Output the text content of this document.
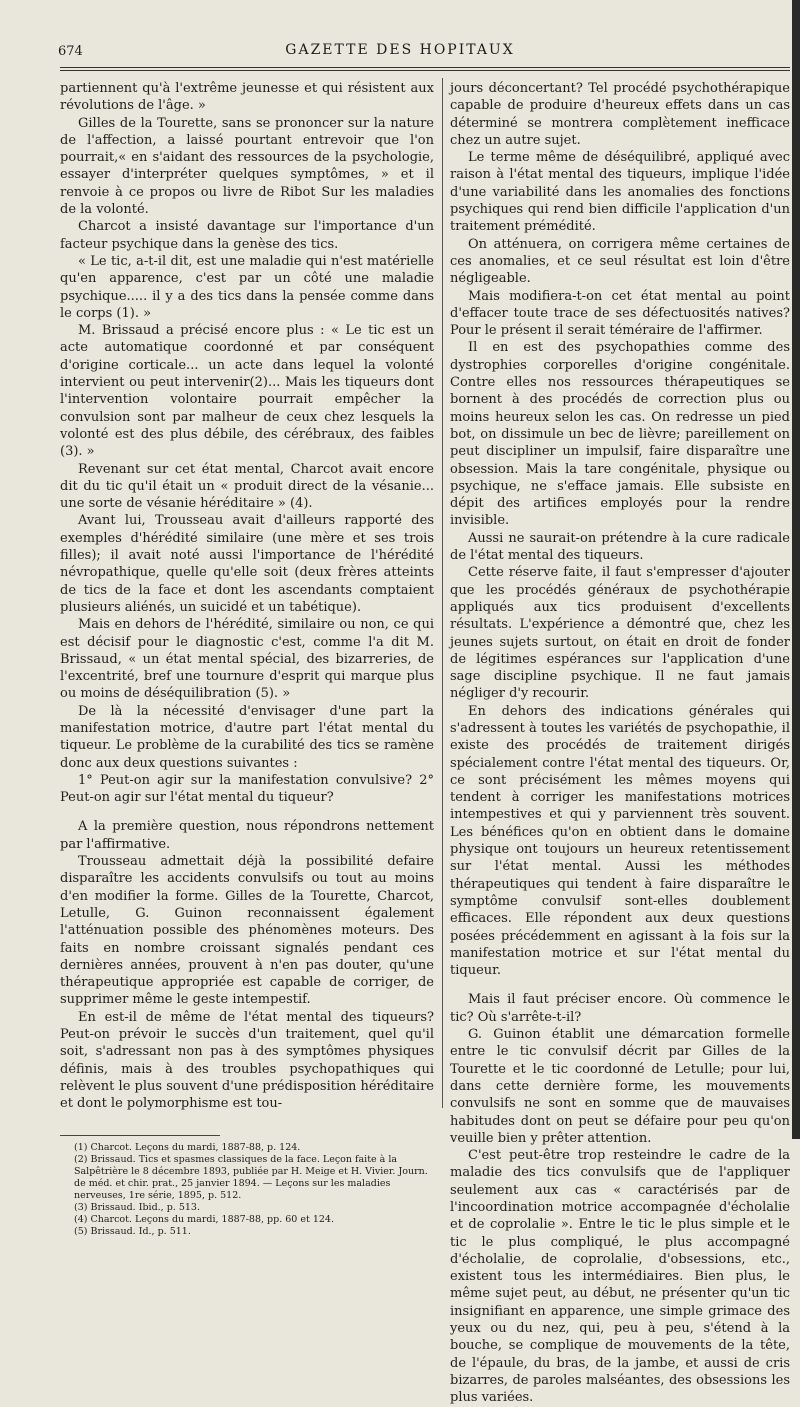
674	GAZETTE DES HOPITAUX

partiennent qu'à l'extrême jeunesse et qui résistent aux révolutions de l'âge. »

Gilles de la Tourette, sans se prononcer sur la nature de l'affection, a laissé pourtant entrevoir que l'on pourrait,« en s'aidant des ressources de la psychologie, essayer d'interpréter quelques symptômes, » et il renvoie à ce propos ou livre de Ribot Sur les maladies de la volonté.

Charcot a insisté davantage sur l'importance d'un facteur psychique dans la genèse des tics.

« Le tic, a-t-il dit, est une maladie qui n'est matérielle qu'en apparence, c'est par un côté une maladie psychique..... il y a des tics dans la pensée comme dans le corps (1). »

M. Brissaud a précisé encore plus : « Le tic est un acte automatique coordonné et par conséquent d'origine corticale... un acte dans lequel la volonté intervient ou peut intervenir(2)... Mais les tiqueurs dont l'intervention volontaire pourrait empêcher la convulsion sont par malheur de ceux chez lesquels la volonté est des plus débile, des cérébraux, des faibles (3). »

Revenant sur cet état mental, Charcot avait encore dit du tic qu'il était un « produit direct de la vésanie... une sorte de vésanie héréditaire » (4).

Avant lui, Trousseau avait d'ailleurs rapporté des exemples d'hérédité similaire (une mère et ses trois filles); il avait noté aussi l'importance de l'hérédité névropathique, quelle qu'elle soit (deux frères atteints de tics de la face et dont les ascendants comptaient plusieurs aliénés, un suicidé et un tabétique).

Mais en dehors de l'hérédité, similaire ou non, ce qui est décisif pour le diagnostic c'est, comme l'a dit M. Brissaud, « un état mental spécial, des bizarreries, de l'excentrité, bref une tournure d'esprit qui marque plus ou moins de déséquilibration (5). »

De là la nécessité d'envisager d'une part la manifestation motrice, d'autre part l'état mental du tiqueur. Le problème de la curabilité des tics se ramène donc aux deux questions suivantes :

1° Peut-on agir sur la manifestation convulsive? 2° Peut-on agir sur l'état mental du tiqueur?

A la première question, nous répondrons nettement par l'affirmative.

Trousseau admettait déjà la possibilité defaire disparaître les accidents convulsifs ou tout au moins d'en modifier la forme. Gilles de la Tourette, Charcot, Letulle, G. Guinon reconnaissent également l'atténuation possible des phénomènes moteurs. Des faits en nombre croissant signalés pendant ces dernières années, prouvent à n'en pas douter, qu'une thérapeutique appropriée est capable de corriger, de supprimer même le geste intempestif.

En est-il de même de l'état mental des tiqueurs? Peut-on prévoir le succès d'un traitement, quel qu'il soit, s'adressant non pas à des symptômes physiques définis, mais à des troubles psychopathiques qui relèvent le plus souvent d'une prédisposition héréditaire et dont le polymorphisme est tou-

(1) Charcot. Leçons du mardi, 1887-88, p. 124.

(2) Brissaud. Tics et spasmes classiques de la face. Leçon faite à la Salpêtrière le 8 décembre 1893, publiée par H. Meige et H. Vivier. Journ. de méd. et chir. prat., 25 janvier 1894. — Leçons sur les maladies nerveuses, 1re série, 1895, p. 512.

(3) Brissaud. Ibid., p. 513.

(4) Charcot. Leçons du mardi, 1887-88, pp. 60 et 124.

(5) Brissaud. Id., p. 511.

jours déconcertant? Tel procédé psychothérapique capable de produire d'heureux effets dans un cas déterminé se montrera complètement inefficace chez un autre sujet.

Le terme même de déséquilibré, appliqué avec raison à l'état mental des tiqueurs, implique l'idée d'une variabilité dans les anomalies des fonctions psychiques qui rend bien difficile l'application d'un traitement prémédité.

On atténuera, on corrigera même certaines de ces anomalies, et ce seul résultat est loin d'être négligeable.

Mais modifiera-t-on cet état mental au point d'effacer toute trace de ses défectuosités natives? Pour le présent il serait téméraire de l'affirmer.

Il en est des psychopathies comme des dystrophies corporelles d'origine congénitale. Contre elles nos ressources thérapeutiques se bornent à des procédés de correction plus ou moins heureux selon les cas. On redresse un pied bot, on dissimule un bec de lièvre; pareillement on peut discipliner un impulsif, faire disparaître une obsession. Mais la tare congénitale, physique ou psychique, ne s'efface jamais. Elle subsiste en dépit des artifices employés pour la rendre invisible.

Aussi ne saurait-on prétendre à la cure radicale de l'état mental des tiqueurs.

Cette réserve faite, il faut s'empresser d'ajouter que les procédés généraux de psychothérapie appliqués aux tics produisent d'excellents résultats. L'expérience a démontré que, chez les jeunes sujets surtout, on était en droit de fonder de légitimes espérances sur l'application d'une sage discipline psychique. Il ne faut jamais négliger d'y recourir.

En dehors des indications générales qui s'adressent à toutes les variétés de psychopathie, il existe des procédés de traitement dirigés spécialement contre l'état mental des tiqueurs. Or, ce sont précisément les mêmes moyens qui tendent à corriger les manifestations motrices intempestives et qui y parviennent très souvent. Les bénéfices qu'on en obtient dans le domaine physique ont toujours un heureux retentissement sur l'état mental. Aussi les méthodes thérapeutiques qui tendent à faire disparaître le symptôme convulsif sont-elles doublement efficaces. Elle répondent aux deux questions posées précédemment en agissant à la fois sur la manifestation motrice et sur l'état mental du tiqueur.

Mais il faut préciser encore. Où commence le tic? Où s'arrête-t-il?

G. Guinon établit une démarcation formelle entre le tic convulsif décrit par Gilles de la Tourette et le tic coordonné de Letulle; pour lui, dans cette dernière forme, les mouvements convulsifs ne sont en somme que de mauvaises habitudes dont on peut se défaire pour peu qu'on veuille bien y prêter attention.

C'est peut-être trop resteindre le cadre de la maladie des tics convulsifs que de l'appliquer seulement aux cas « caractérisés par de l'incoordination motrice accompagnée d'écholalie et de coprolalie ». Entre le tic le plus simple et le tic le plus compliqué, le plus accompagné d'écholalie, de coprolalie, d'obsessions, etc., existent tous les intermédiaires. Bien plus, le même sujet peut, au début, ne présenter qu'un tic insignifiant en apparence, une simple grimace des yeux ou du nez, qui, peu à peu, s'étend à la bouche, se complique de mouvements de la tête, de l'épaule, du bras, de la jambe, et aussi de cris bizarres, de paroles malséantes, des obsessions les plus variées.
